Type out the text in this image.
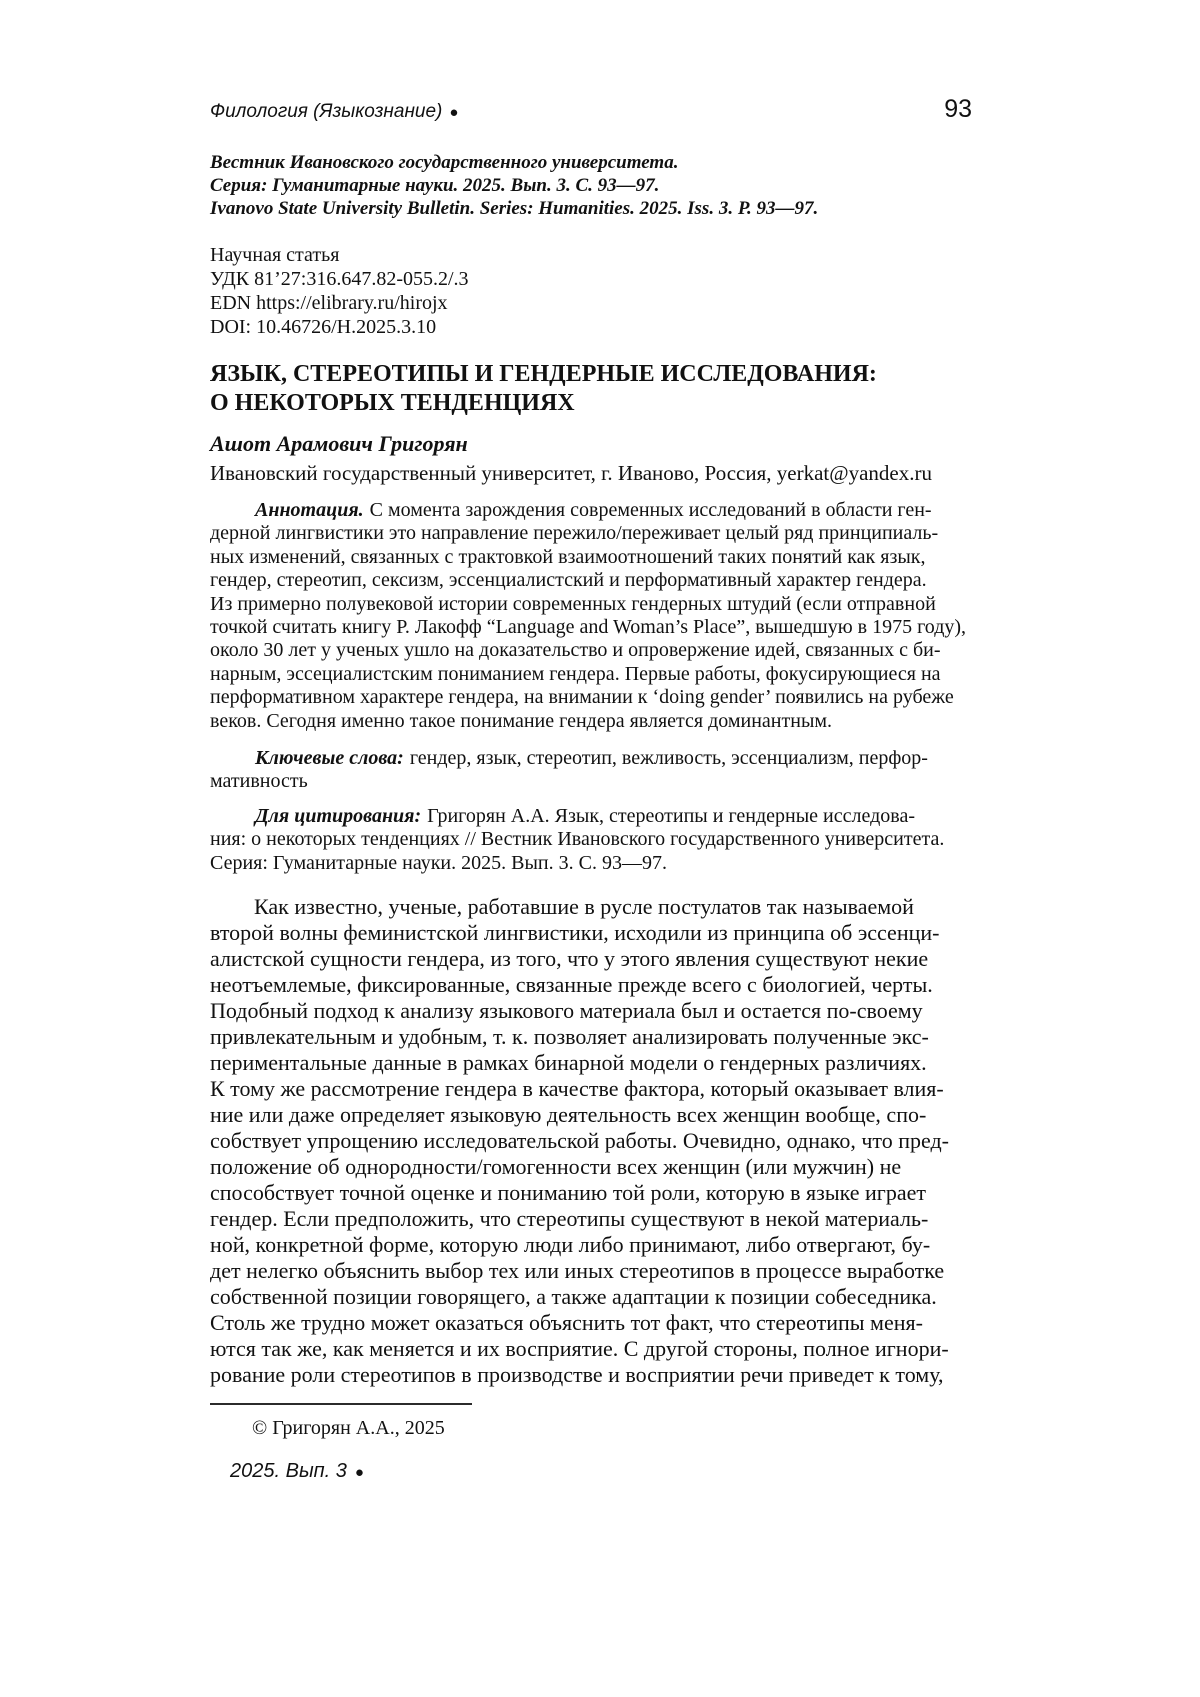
Филология (Языкознание) ●	93
Вестник Ивановского государственного университета.
Серия: Гуманитарные науки. 2025. Вып. 3. С. 93—97.
Ivanovo State University Bulletin. Series: Humanities. 2025. Iss. 3. P. 93—97.
Научная статья
УДК 81’27:316.647.82-055.2/.3
EDN https://elibrary.ru/hirojx
DOI: 10.46726/H.2025.3.10
ЯЗЫК, СТЕРЕОТИПЫ И ГЕНДЕРНЫЕ ИССЛЕДОВАНИЯ:
О НЕКОТОРЫХ ТЕНДЕНЦИЯХ
Ашот Арамович Григорян
Ивановский государственный университет, г. Иваново, Россия, yerkat@yandex.ru

Аннотация. С момента зарождения современных исследований в области ген-
дерной лингвистики это направление пережило/переживает целый ряд принципиаль-
ных изменений, связанных с трактовкой взаимоотношений таких понятий как язык,
гендер, стереотип, сексизм, эссенциалистский и перформативный характер гендера.
Из примерно полувековой истории современных гендерных штудий (если отправной
точкой считать книгу Р. Лакофф “Language and Woman’s Place”, вышедшую в 1975 году),
около 30 лет у ученых ушло на доказательство и опровержение идей, связанных с би-
нарным, эссециалистским пониманием гендера. Первые работы, фокусирующиеся на
перформативном характере гендера, на внимании к ‘doing gender’ появились на рубеже
веков. Сегодня именно такое понимание гендера является доминантным.

Ключевые слова: гендер, язык, стереотип, вежливость, эссенциализм, перфор-
мативность

Для цитирования: Григорян А.А. Язык, стереотипы и гендерные исследова-
ния: о некоторых тенденциях // Вестник Ивановского государственного университета.
Серия: Гуманитарные науки. 2025. Вып. 3. С. 93—97.

Как известно, ученые, работавшие в русле постулатов так называемой
второй волны феминистской лингвистики, исходили из принципа об эссенци-
алистской сущности гендера, из того, что у этого явления существуют некие
неотъемлемые, фиксированные, связанные прежде всего с биологией, черты.
Подобный подход к анализу языкового материала был и остается по-своему
привлекательным и удобным, т. к. позволяет анализировать полученные экс-
периментальные данные в рамках бинарной модели о гендерных различиях.
К тому же рассмотрение гендера в качестве фактора, который оказывает влия-
ние или даже определяет языковую деятельность всех женщин вообще, спо-
собствует упрощению исследовательской работы. Очевидно, однако, что пред-
положение об однородности/гомогенности всех женщин (или мужчин) не
способствует точной оценке и пониманию той роли, которую в языке играет
гендер. Если предположить, что стереотипы существуют в некой материаль-
ной, конкретной форме, которую люди либо принимают, либо отвергают, бу-
дет нелегко объяснить выбор тех или иных стереотипов в процессе выработке
собственной позиции говорящего, а также адаптации к позиции собеседника.
Столь же трудно может оказаться объяснить тот факт, что стереотипы меня-
ются так же, как меняется и их восприятие. С другой стороны, полное игнори-
рование роли стереотипов в производстве и восприятии речи приведет к тому,

© Григорян А.А., 2025
2025. Вып. 3 ●
